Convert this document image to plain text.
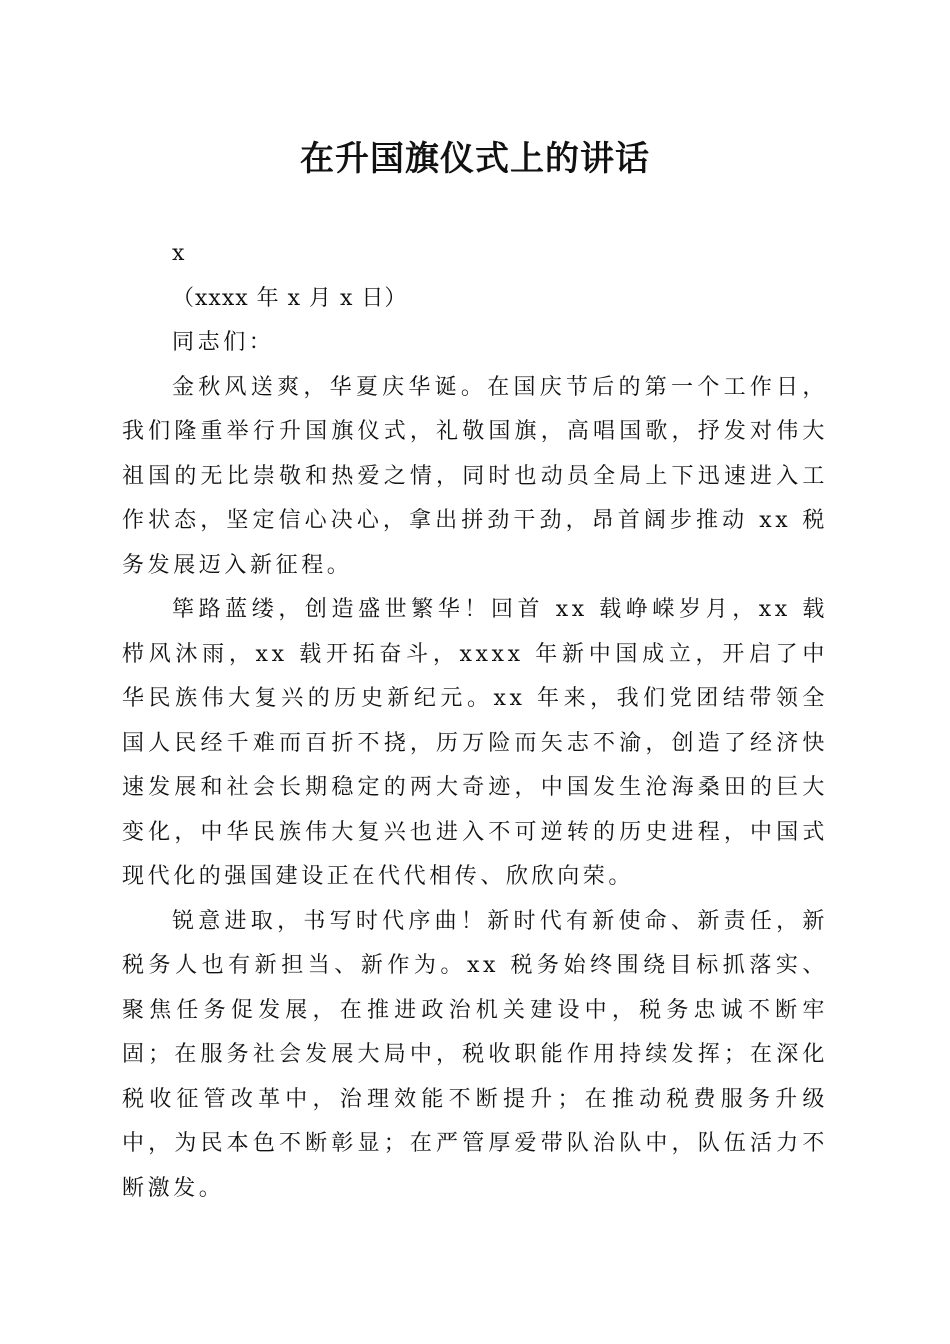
在升国旗仪式上的讲话

x

（xxxx 年 x 月 x 日）

同志们：

金秋风送爽，华夏庆华诞。在国庆节后的第一个工作日，我们隆重举行升国旗仪式，礼敬国旗，高唱国歌，抒发对伟大祖国的无比崇敬和热爱之情，同时也动员全局上下迅速进入工作状态，坚定信心决心，拿出拼劲干劲，昂首阔步推动 xx 税务发展迈入新征程。

筚路蓝缕，创造盛世繁华！回首 xx 载峥嵘岁月，xx 载栉风沐雨，xx 载开拓奋斗，xxxx 年新中国成立，开启了中华民族伟大复兴的历史新纪元。xx 年来，我们党团结带领全国人民经千难而百折不挠，历万险而矢志不渝，创造了经济快速发展和社会长期稳定的两大奇迹，中国发生沧海桑田的巨大变化，中华民族伟大复兴也进入不可逆转的历史进程，中国式现代化的强国建设正在代代相传、欣欣向荣。

锐意进取，书写时代序曲！新时代有新使命、新责任，新税务人也有新担当、新作为。xx 税务始终围绕目标抓落实、聚焦任务促发展，在推进政治机关建设中，税务忠诚不断牢固；在服务社会发展大局中，税收职能作用持续发挥；在深化税收征管改革中，治理效能不断提升；在推动税费服务升级中，为民本色不断彰显；在严管厚爱带队治队中，队伍活力不断激发。
